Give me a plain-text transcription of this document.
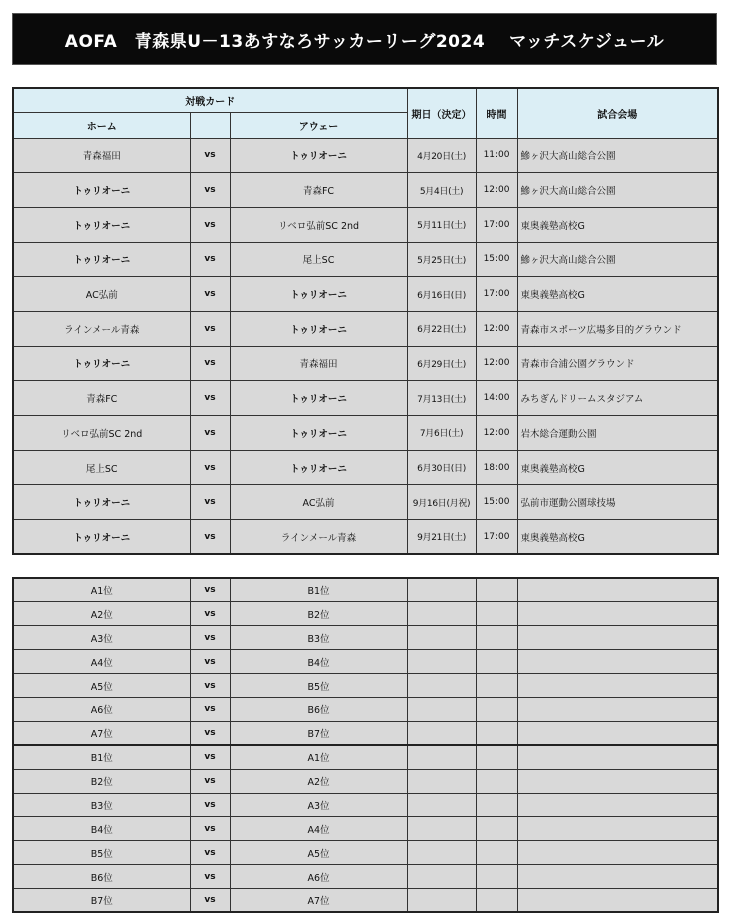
AOFA　青森県U－13あすなろサッカーリーグ2024　 マッチスケジュール
対戦カード			期日（決定）	時間	試合会場
ホーム		アウェー			
青森福田	vs	トゥリオーニ	4月20日(土)	11:00	鰺ヶ沢大高山総合公園
トゥリオーニ	vs	青森FC	5月4日(土)	12:00	鰺ヶ沢大高山総合公園
トゥリオーニ	vs	リベロ弘前SC 2nd	5月11日(土)	17:00	東奥義塾高校G
トゥリオーニ	vs	尾上SC	5月25日(土)	15:00	鰺ヶ沢大高山総合公園
AC弘前	vs	トゥリオーニ	6月16日(日)	17:00	東奥義塾高校G
ラインメール青森	vs	トゥリオーニ	6月22日(土)	12:00	青森市スポーツ広場多目的グラウンド
トゥリオーニ	vs	青森福田	6月29日(土)	12:00	青森市合浦公園グラウンド
青森FC	vs	トゥリオーニ	7月13日(土)	14:00	みちぎんドリームスタジアム
リベロ弘前SC 2nd	vs	トゥリオーニ	7月6日(土)	12:00	岩木総合運動公園
尾上SC	vs	トゥリオーニ	6月30日(日)	18:00	東奥義塾高校G
トゥリオーニ	vs	AC弘前	9月16日(月祝)	15:00	弘前市運動公園球技場
トゥリオーニ	vs	ラインメール青森	9月21日(土)	17:00	東奥義塾高校G
A1位	vs	B1位			
A2位	vs	B2位			
A3位	vs	B3位			
A4位	vs	B4位			
A5位	vs	B5位			
A6位	vs	B6位			
A7位	vs	B7位			
B1位	vs	A1位			
B2位	vs	A2位			
B3位	vs	A3位			
B4位	vs	A4位			
B5位	vs	A5位			
B6位	vs	A6位			
B7位	vs	A7位			
